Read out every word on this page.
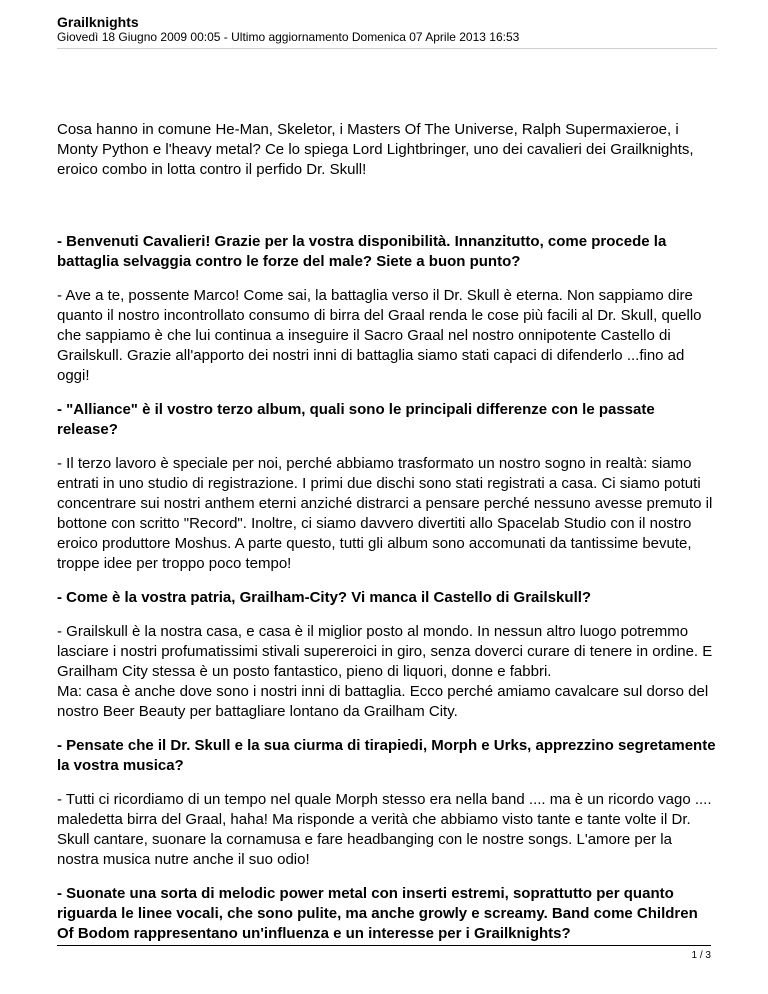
Grailknights
Giovedì 18 Giugno 2009 00:05 - Ultimo aggiornamento Domenica 07 Aprile 2013 16:53

Cosa hanno in comune He-Man, Skeletor, i Masters Of The Universe, Ralph Supermaxieroe, i Monty Python e l'heavy metal? Ce lo spiega Lord Lightbringer, uno dei cavalieri dei Grailknights, eroico combo in lotta contro il perfido Dr. Skull!

- Benvenuti Cavalieri! Grazie per la vostra disponibilità. Innanzitutto, come procede la battaglia selvaggia contro le forze del male? Siete a buon punto?

- Ave a te, possente Marco! Come sai, la battaglia verso il Dr. Skull è eterna. Non sappiamo dire quanto il nostro incontrollato consumo di birra del Graal renda le cose più facili al Dr. Skull, quello che sappiamo è che lui continua a inseguire il Sacro Graal nel nostro onnipotente Castello di Grailskull. Grazie all'apporto dei nostri inni di battaglia siamo stati capaci di difenderlo ...fino ad oggi!

- "Alliance" è il vostro terzo album, quali sono le principali differenze con le passate release?

- Il terzo lavoro è speciale per noi, perché abbiamo trasformato un nostro sogno in realtà: siamo entrati in uno studio di registrazione. I primi due dischi sono stati registrati a casa. Ci siamo potuti concentrare sui nostri anthem eterni anziché distrarci a pensare perché nessuno avesse premuto il bottone con scritto "Record". Inoltre, ci siamo davvero divertiti allo Spacelab Studio con il nostro eroico produttore Moshus. A parte questo, tutti gli album sono accomunati da tantissime bevute, troppe idee per troppo poco tempo!

- Come è la vostra patria, Grailham-City? Vi manca il Castello di Grailskull?

- Grailskull è la nostra casa, e casa è il miglior posto al mondo. In nessun altro luogo potremmo lasciare i nostri profumatissimi stivali supereroici in giro, senza doverci curare di tenere in ordine. E Grailham City stessa è un posto fantastico, pieno di liquori, donne e fabbri.

Ma: casa è anche dove sono i nostri inni di battaglia. Ecco perché amiamo cavalcare sul dorso del nostro Beer Beauty per battagliare lontano da Grailham City.

- Pensate che il Dr. Skull e la sua ciurma di tirapiedi, Morph e Urks, apprezzino segretamente la vostra musica?

- Tutti ci ricordiamo di un tempo nel quale Morph stesso era nella band .... ma è un ricordo vago .... maledetta birra del Graal, haha! Ma risponde a verità che abbiamo visto tante e tante volte il Dr. Skull cantare, suonare la cornamusa e fare headbanging con le nostre songs. L'amore per la nostra musica nutre anche il suo odio!

- Suonate una sorta di melodic power metal con inserti estremi, soprattutto per quanto riguarda le linee vocali, che sono pulite, ma anche growly e screamy. Band come Children Of Bodom rappresentano un'influenza e un interesse per i Grailknights?

1 / 3
